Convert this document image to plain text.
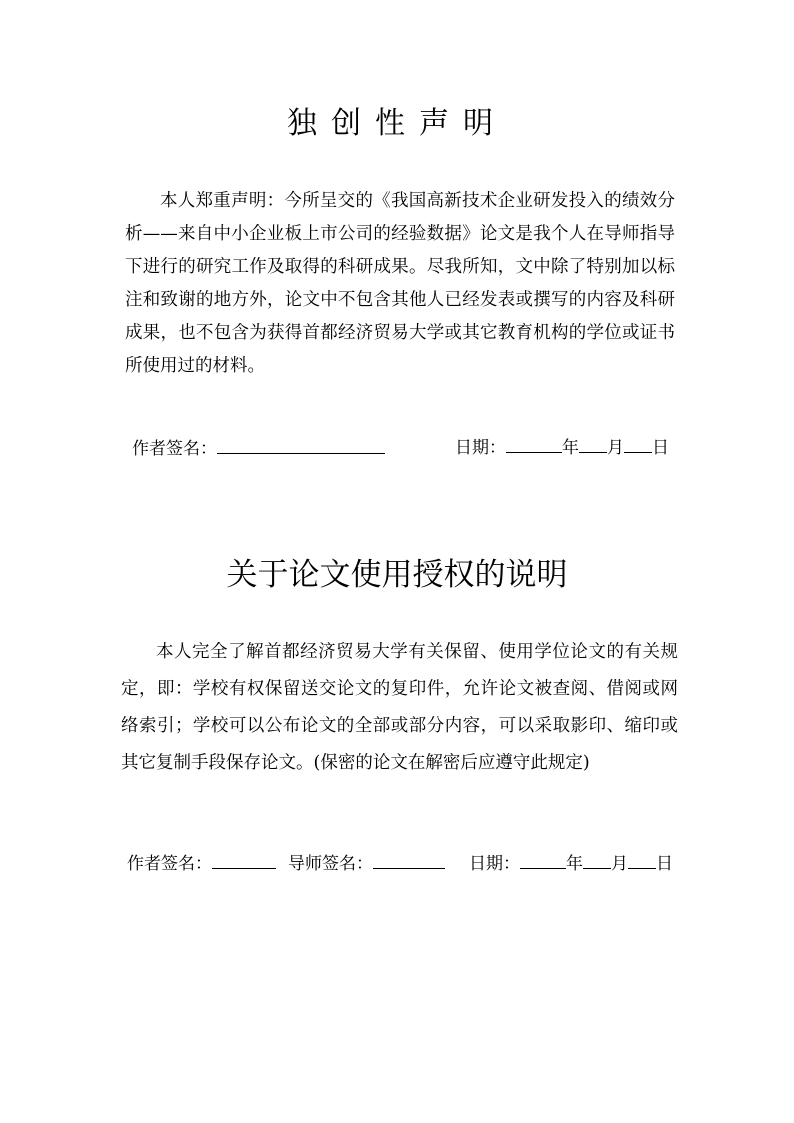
独创性声明

本人郑重声明：今所呈交的《我国高新技术企业研发投入的绩效分析——来自中小企业板上市公司的经验数据》论文是我个人在导师指导下进行的研究工作及取得的科研成果。尽我所知，文中除了特别加以标注和致谢的地方外，论文中不包含其他人已经发表或撰写的内容及科研成果，也不包含为获得首都经济贸易大学或其它教育机构的学位或证书所使用过的材料。

作者签名：	日期：	年 月 日
关于论文使用授权的说明

本人完全了解首都经济贸易大学有关保留、使用学位论文的有关规定，即：学校有权保留送交论文的复印件，允许论文被查阅、借阅或网络索引；学校可以公布论文的全部或部分内容，可以采取影印、缩印或其它复制手段保存论文。(保密的论文在解密后应遵守此规定)

作者签名：	导师签名：	日期：	年 月 日
